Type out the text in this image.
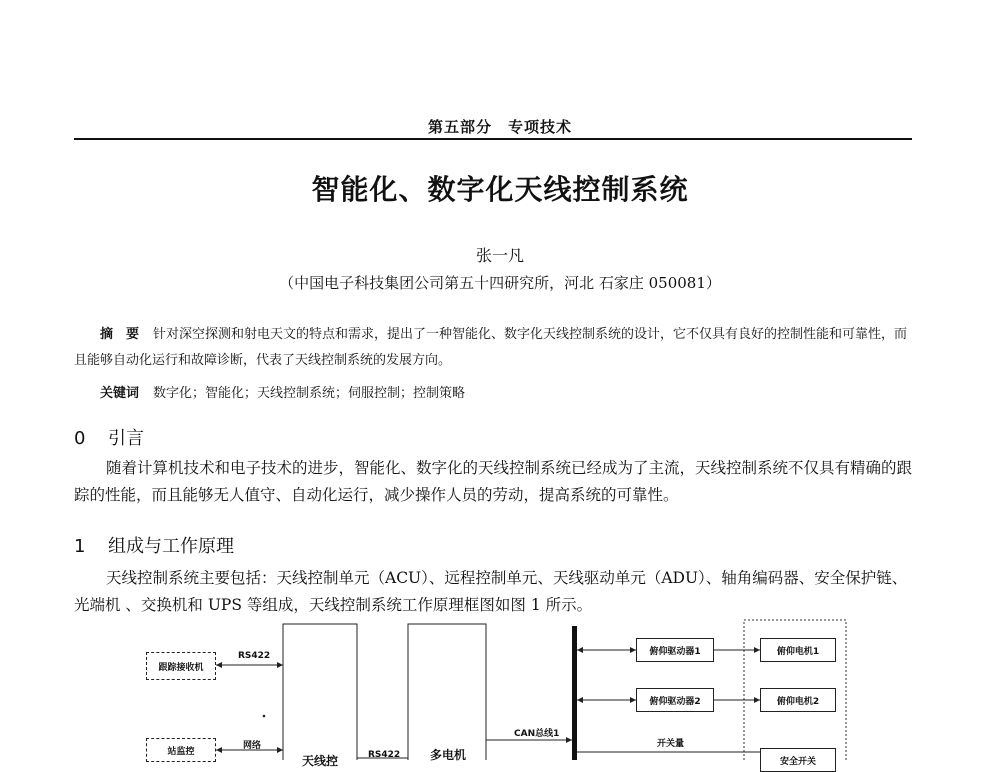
第五部分　专项技术
智能化、数字化天线控制系统
张一凡
（中国电子科技集团公司第五十四研究所，河北 石家庄 050081）
摘　要 针对深空探测和射电天文的特点和需求，提出了一种智能化、数字化天线控制系统的设计，它不仅具有良好的控制性能和可靠性，而且能够自动化运行和故障诊断，代表了天线控制系统的发展方向。
关键词 数字化；智能化；天线控制系统；伺服控制；控制策略
0 引言
随着计算机技术和电子技术的进步，智能化、数字化的天线控制系统已经成为了主流，天线控制系统不仅具有精确的跟踪的性能，而且能够无人值守、自动化运行，减少操作人员的劳动，提高系统的可靠性。
1 组成与工作原理
天线控制系统主要包括：天线控制单元（ACU）、远程控制单元、天线驱动单元（ADU）、轴角编码器、安全保护链、光端机 、交换机和 UPS 等组成，天线控制系统工作原理框图如图 1 所示。
跟踪接收机
RS422
站监控
网络
天线控	RS422 多电机
CAN总线1
俯仰驱动器1	俯仰电机1
俯仰驱动器2	俯仰电机2
开关量
安全开关
